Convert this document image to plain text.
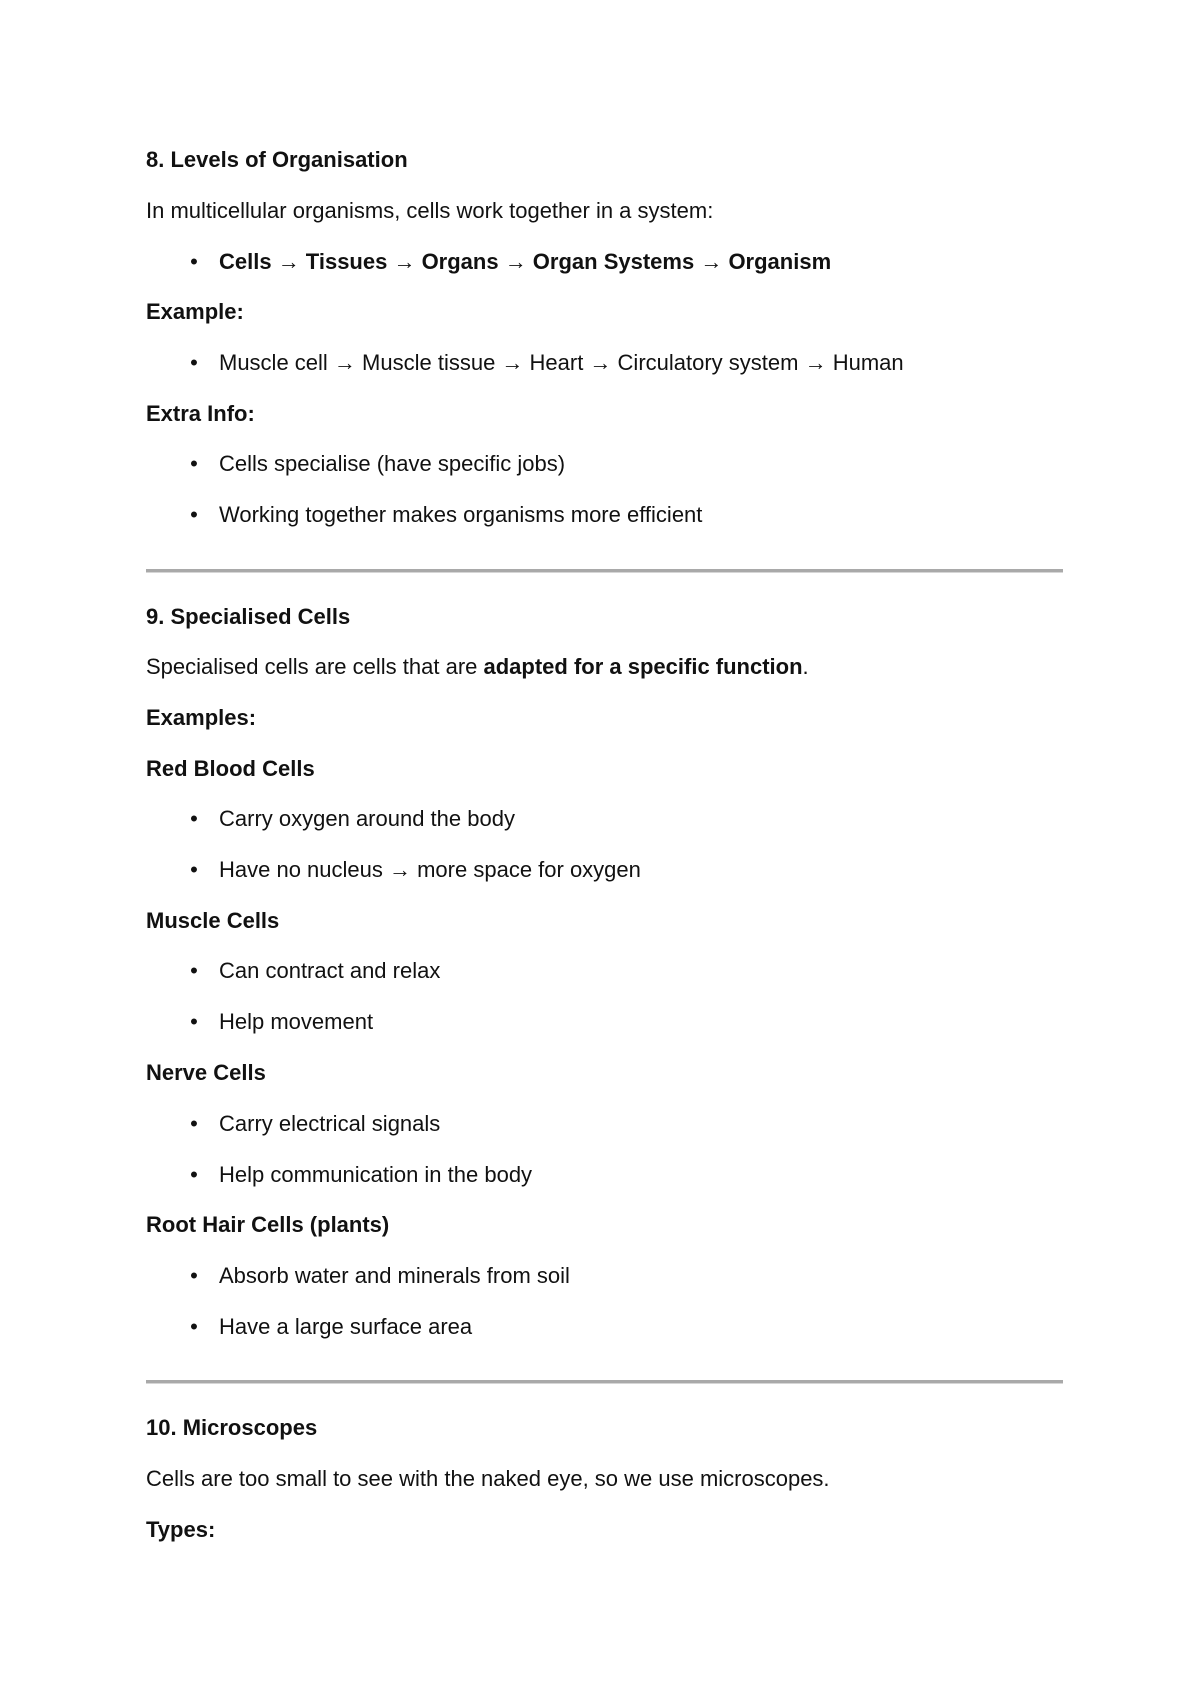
8. Levels of Organisation
In multicellular organisms, cells work together in a system:
• Cells → Tissues → Organs → Organ Systems → Organism
Example:
• Muscle cell → Muscle tissue → Heart → Circulatory system → Human
Extra Info:
• Cells specialise (have specific jobs)
• Working together makes organisms more efficient
9. Specialised Cells
Specialised cells are cells that are adapted for a specific function.
Examples:
Red Blood Cells
• Carry oxygen around the body
• Have no nucleus → more space for oxygen
Muscle Cells
• Can contract and relax
• Help movement
Nerve Cells
• Carry electrical signals
• Help communication in the body
Root Hair Cells (plants)
• Absorb water and minerals from soil
• Have a large surface area
10. Microscopes
Cells are too small to see with the naked eye, so we use microscopes.
Types:
